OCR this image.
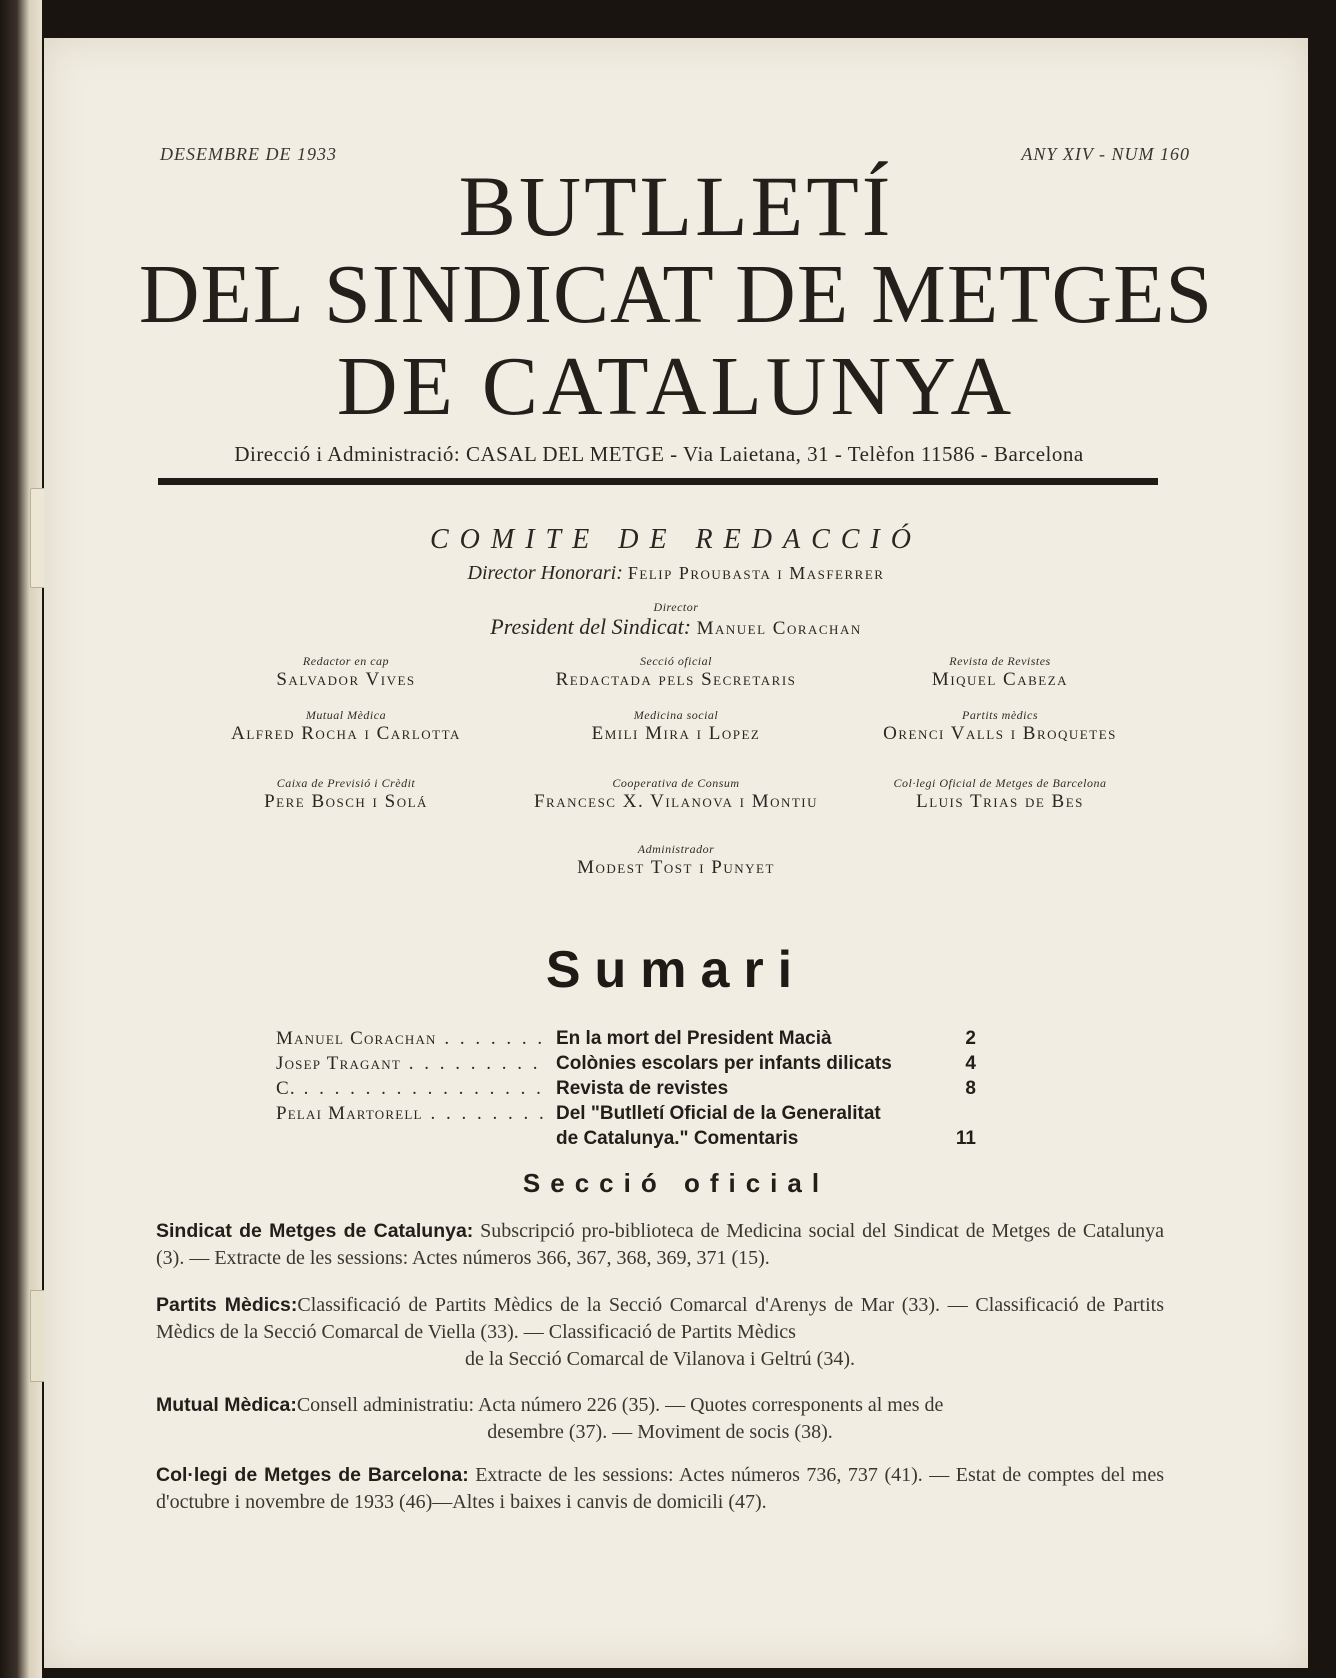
DESEMBRE DE 1933	ANY XIV - NUM 160
BUTLLETÍ
DEL SINDICAT DE METGES
DE CATALUNYA
Direcció i Administració: CASAL DEL METGE - Via Laietana, 31 - Telèfon 11586 - Barcelona
COMITE DE REDACCIÓ
Director Honorari: Felip Proubasta i Masferrer
Director
President del Sindicat: Manuel Corachan
Redactor en cap
Salvador Vives
Secció oficial
Redactada pels Secretaris
Revista de Revistes
Miquel Cabeza
Mutual Mèdica
Alfred Rocha i Carlotta
Medicina social
Emili Mira i Lopez
Partits mèdics
Orenci Valls i Broquetes
Caixa de Previsió i Crèdit
Pere Bosch i Solá
Cooperativa de Consum
Francesc X. Vilanova i Montiu
Col·legi Oficial de Metges de Barcelona
Lluis Trias de Bes
Administrador
Modest Tost i Punyet
Sumari
Manuel Corachan . . .	En la mort del President Macià	2
Josep Tragant . . .	Colònies escolars per infants dilicats	4
C. . . .	Revista de revistes	8
Pelai Martorell . . .	Del "Butlletí Oficial de la Generalitat
de Catalunya." Comentaris	11
Secció oficial
Sindicat de Metges de Catalunya: Subscripció pro-biblioteca de Medicina social del Sindicat de Metges de Catalunya (3). — Extracte de les sessions: Actes números 366, 367, 368, 369, 371 (15).
Partits Mèdics:Classificació de Partits Mèdics de la Secció Comarcal d'Arenys de Mar (33). — Classificació de Partits Mèdics de la Secció Comarcal de Viella (33). — Classificació de Partits Mèdics
de la Secció Comarcal de Vilanova i Geltrú (34).
Mutual Mèdica:Consell administratiu: Acta número 226 (35). — Quotes corresponents al mes de
desembre (37). — Moviment de socis (38).
Col·legi de Metges de Barcelona: Extracte de les sessions: Actes números 736, 737 (41). — Estat de comptes del mes d'octubre i novembre de 1933 (46)—Altes i baixes i canvis de domicili (47).
